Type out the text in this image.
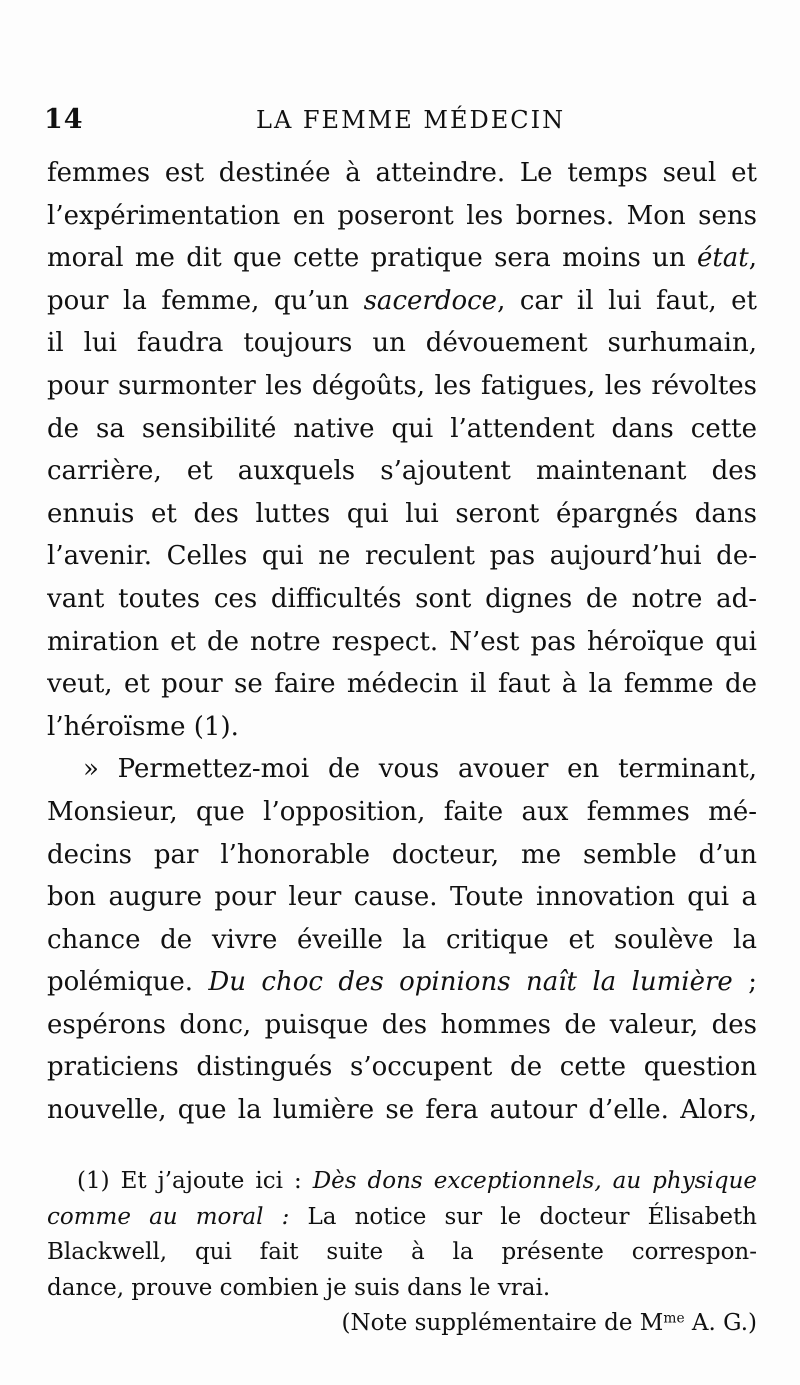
14	LA FEMME MÉDECIN
femmes est destinée à atteindre. Le temps seul et
l’expérimentation en poseront les bornes. Mon sens
moral me dit que cette pratique sera moins un état,
pour la femme, qu’un sacerdoce, car il lui faut, et
il lui faudra toujours un dévouement surhumain,
pour surmonter les dégoûts, les fatigues, les révoltes
de sa sensibilité native qui l’attendent dans cette
carrière, et auxquels s’ajoutent maintenant des
ennuis et des luttes qui lui seront épargnés dans
l’avenir. Celles qui ne reculent pas aujourd’hui de-
vant toutes ces difficultés sont dignes de notre ad-
miration et de notre respect. N’est pas héroïque qui
veut, et pour se faire médecin il faut à la femme de
l’héroïsme (1).
» Permettez-moi de vous avouer en terminant,
Monsieur, que l’opposition, faite aux femmes mé-
decins par l’honorable docteur, me semble d’un
bon augure pour leur cause. Toute innovation qui a
chance de vivre éveille la critique et soulève la
polémique. Du choc des opinions naît la lumière ;
espérons donc, puisque des hommes de valeur, des
praticiens distingués s’occupent de cette question
nouvelle, que la lumière se fera autour d’elle. Alors,
(1) Et j’ajoute ici : Dès dons exceptionnels, au physique
comme au moral : La notice sur le docteur Élisabeth
Blackwell, qui fait suite à la présente correspon-
dance, prouve combien je suis dans le vrai.
(Note supplémentaire de $M^{me}$ A. G.)
